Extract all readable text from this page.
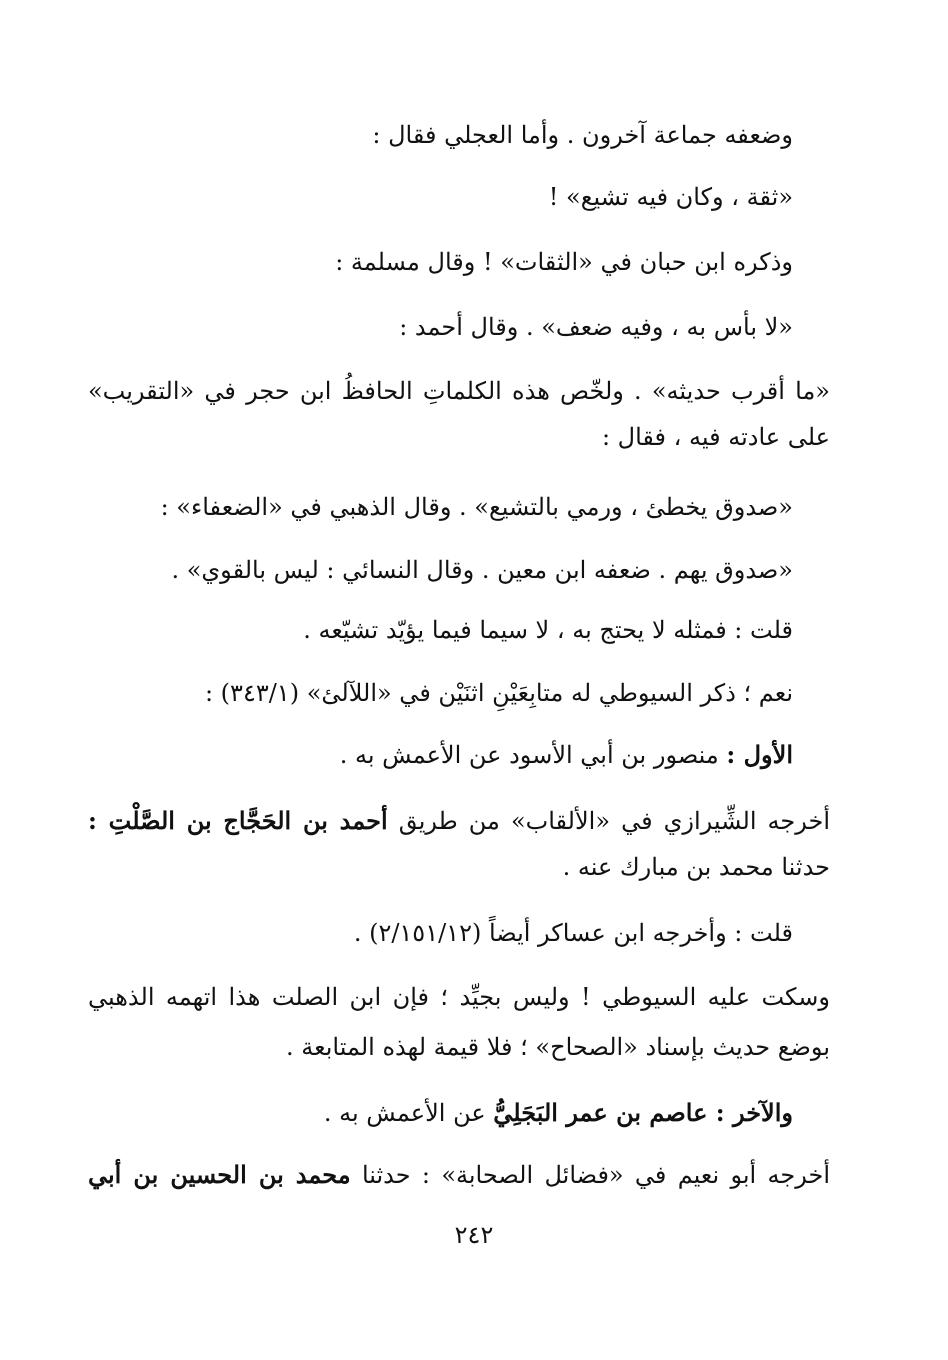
وضعفه جماعة آخرون . وأما العجلي فقال :
«ثقة ، وكان فيه تشيع» !
وذكره ابن حبان في «الثقات» ! وقال مسلمة :
«لا بأس به ، وفيه ضعف» . وقال أحمد :
«ما أقرب حديثه» . ولخّص هذه الكلماتِ الحافظُ ابن حجر في «التقريب»
على عادته فيه ، فقال :
«صدوق يخطئ ، ورمي بالتشيع» . وقال الذهبي في «الضعفاء» :
«صدوق يهم . ضعفه ابن معين . وقال النسائي : ليس بالقوي» .
قلت : فمثله لا يحتج به ، لا سيما فيما يؤيّد تشيّعه .
نعم ؛ ذكر السيوطي له متابِعَيْنِ اثنَيْن في «اللآلئ» (٣٤٣/١) :
الأول : منصور بن أبي الأسود عن الأعمش به .
أخرجه الشِّيرازي في «الألقاب» من طريق أحمد بن الحَجَّاج بن الصَّلْتِ :
حدثنا محمد بن مبارك عنه .
قلت : وأخرجه ابن عساكر أيضاً (٢/١٥١/١٢) .
وسكت عليه السيوطي ! وليس بجيِّد ؛ فإن ابن الصلت هذا اتهمه الذهبي
بوضع حديث بإسناد «الصحاح» ؛ فلا قيمة لهذه المتابعة .
والآخر : عاصم بن عمر البَجَلِيُّ عن الأعمش به .
أخرجه أبو نعيم في «فضائل الصحابة» : حدثنا محمد بن الحسين بن أبي
٢٤٢
